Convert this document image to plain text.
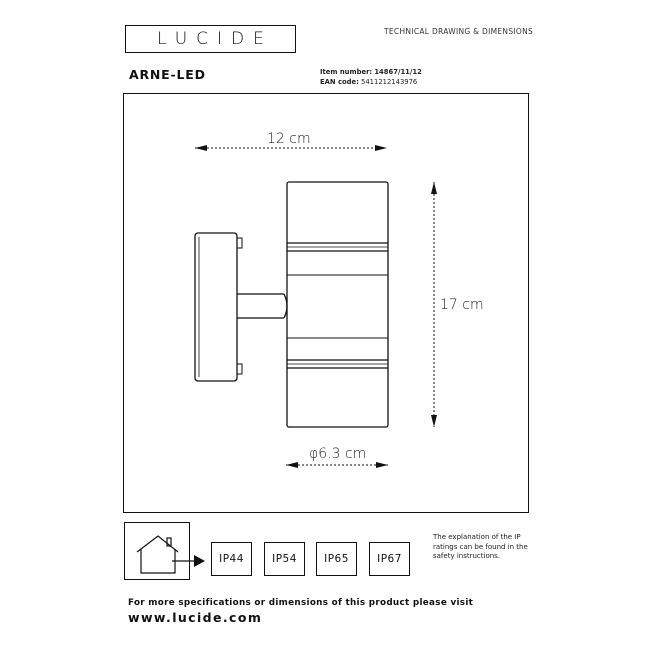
LUCIDE	TECHNICAL DRAWING & DIMENSIONS
ARNE-LED	Item number: 14867/11/12
EAN code: 5411212143976
12 cm
17 cm
φ6.3 cm
IP44	IP54	IP65	IP67
The explanation of the IP ratings can be found in the safety instructions.
For more specifications or dimensions of this product please visit
www.lucide.com
